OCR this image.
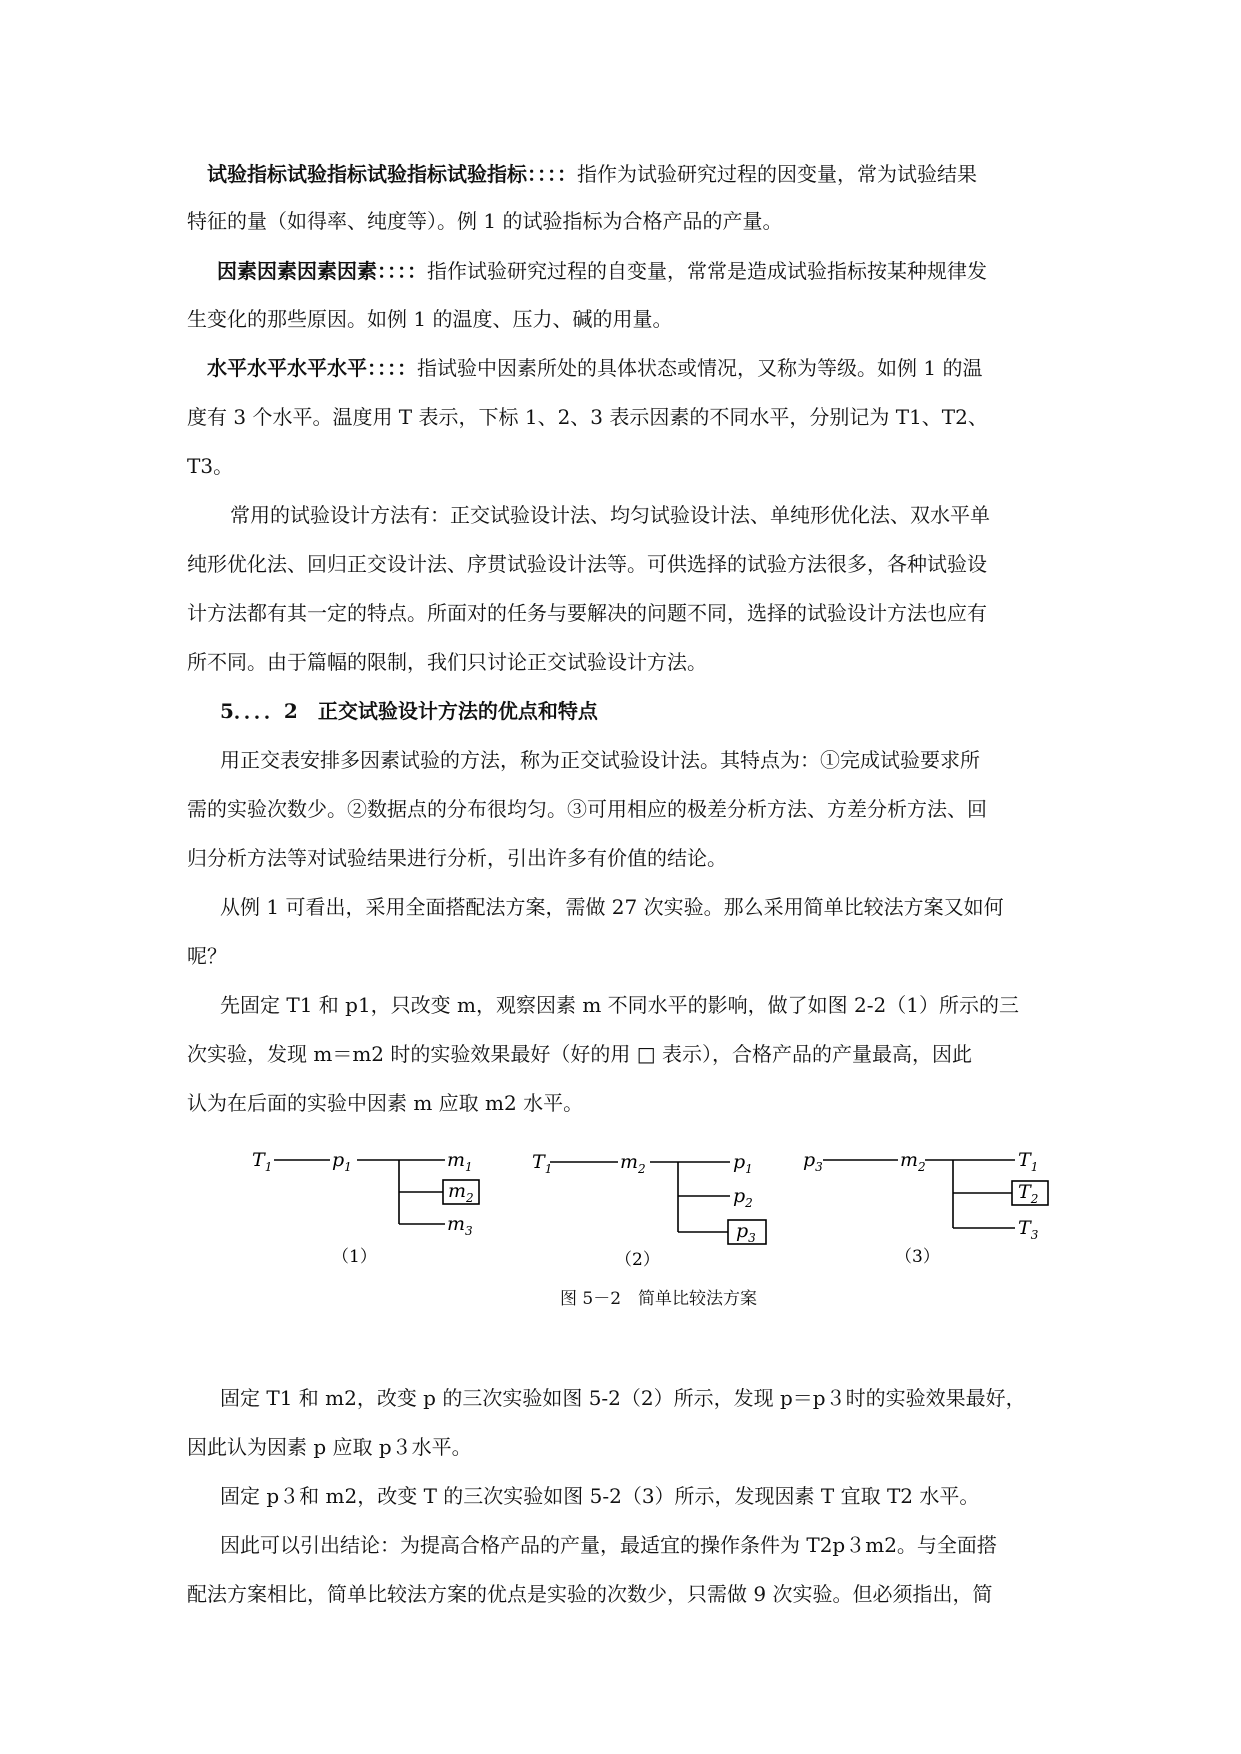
试验指标试验指标试验指标试验指标：：：：指作为试验研究过程的因变量，常为试验结果
特征的量（如得率、纯度等）。例 1 的试验指标为合格产品的产量。
因素因素因素因素：：：：指作试验研究过程的自变量，常常是造成试验指标按某种规律发
生变化的那些原因。如例 1 的温度、压力、碱的用量。
水平水平水平水平：：：：指试验中因素所处的具体状态或情况，又称为等级。如例 1 的温
度有 3 个水平。温度用 T 表示，下标 1、2、3 表示因素的不同水平，分别记为 T1、T2、
T3。
常用的试验设计方法有：正交试验设计法、均匀试验设计法、单纯形优化法、双水平单
纯形优化法、回归正交设计法、序贯试验设计法等。可供选择的试验方法很多，各种试验设
计方法都有其一定的特点。所面对的任务与要解决的问题不同，选择的试验设计方法也应有
所不同。由于篇幅的限制，我们只讨论正交试验设计方法。
5．．．．2　正交试验设计方法的优点和特点
用正交表安排多因素试验的方法，称为正交试验设计法。其特点为：①完成试验要求所
需的实验次数少。②数据点的分布很均匀。③可用相应的极差分析方法、方差分析方法、回
归分析方法等对试验结果进行分析，引出许多有价值的结论。
从例 1 可看出，采用全面搭配法方案，需做 27 次实验。那么采用简单比较法方案又如何
呢？
先固定 T1 和 p1，只改变 m，观察因素 m 不同水平的影响，做了如图 2-2（1）所示的三
次实验，发现 m＝m2 时的实验效果最好（好的用 □ 表示），合格产品的产量最高，因此
认为在后面的实验中因素 m 应取 m2 水平。
$T_1$	$p_1$	$m_1$
$m_2$
$m_3$
$T_1$	$m_2$	$p_1$
$p_2$
$p_3$
$p_3$	$m_2$	$T_1$
$T_2$
$T_3$
（1）	（2）	（3）
图 5－2　简单比较法方案
固定 T1 和 m2，改变 p 的三次实验如图 5-2（2）所示，发现 p＝p３时的实验效果最好，
因此认为因素 p 应取 p３水平。
固定 p３和 m2，改变 T 的三次实验如图 5-2（3）所示，发现因素 T 宜取 T2 水平。
因此可以引出结论：为提高合格产品的产量，最适宜的操作条件为 T2p３m2。与全面搭
配法方案相比，简单比较法方案的优点是实验的次数少，只需做 9 次实验。但必须指出，简
